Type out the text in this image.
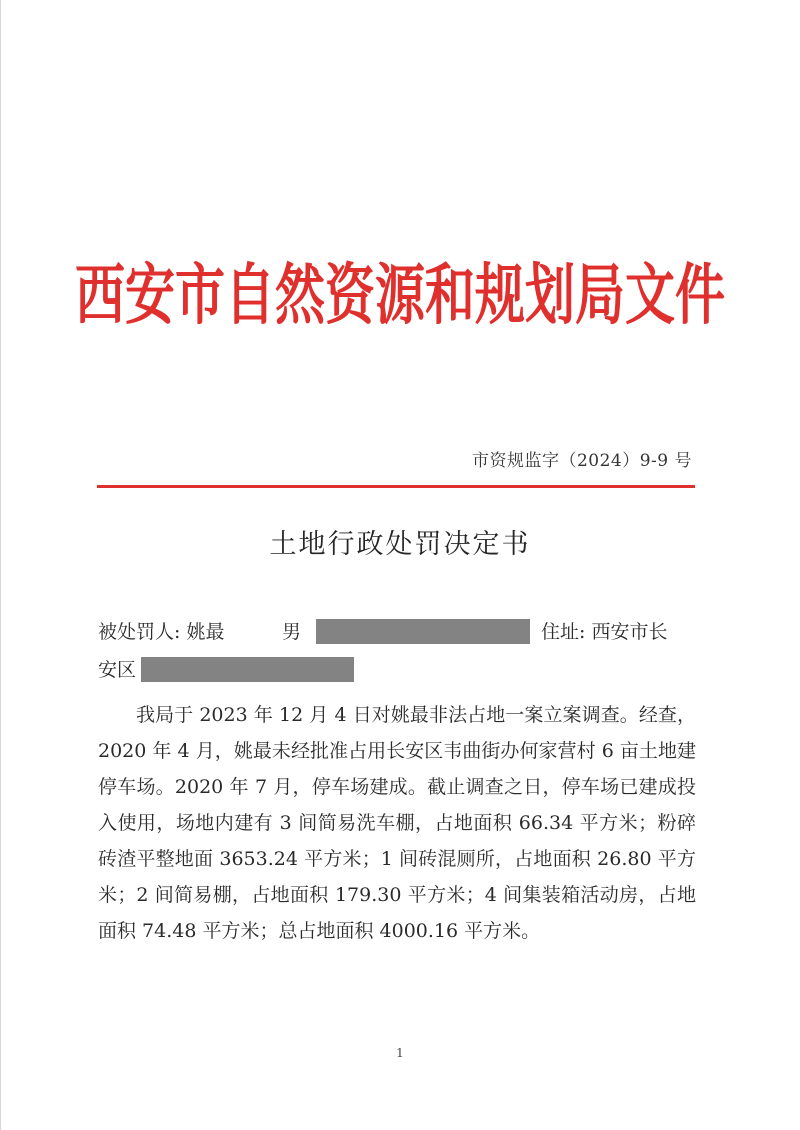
西安市自然资源和规划局文件
市资规监字（2024）9-9 号
土地行政处罚决定书
被处罚人: 姚最	男	住址: 西安市长
安区

我局于 2023 年 12 月 4 日对姚最非法占地一案立案调查。经查，2020 年 4 月，姚最未经批准占用长安区韦曲街办何家营村 6 亩土地建停车场。2020 年 7 月，停车场建成。截止调查之日，停车场已建成投入使用，场地内建有 3 间简易洗车棚，占地面积 66.34 平方米；粉碎砖渣平整地面 3653.24 平方米；1 间砖混厕所，占地面积 26.80 平方米；2 间简易棚，占地面积 179.30 平方米；4 间集装箱活动房，占地面积 74.48 平方米；总占地面积 4000.16 平方米。

1
